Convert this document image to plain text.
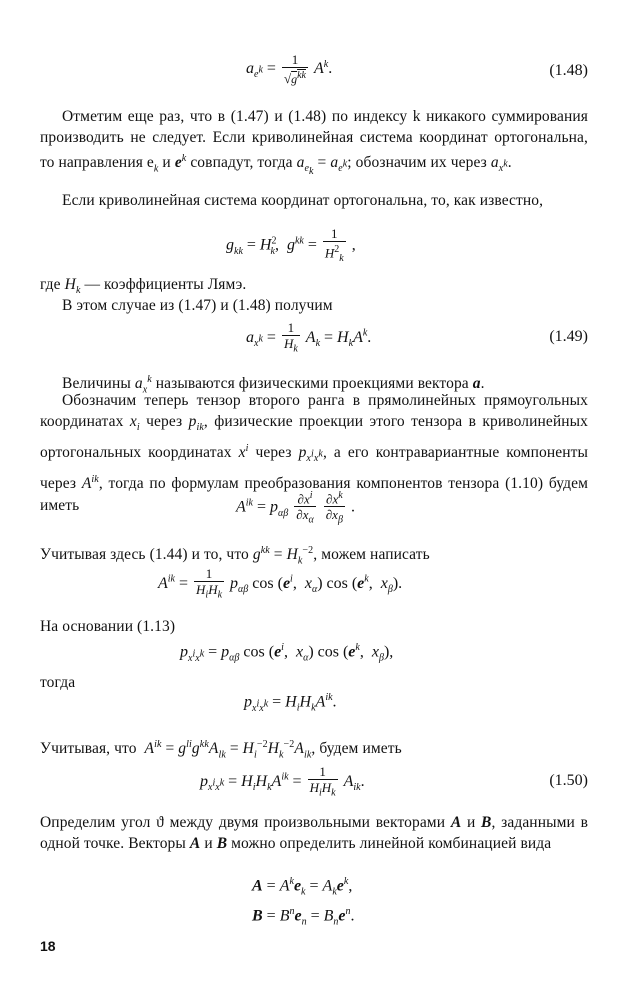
$a_{e^k} = \frac{1}{√g^{kk}} A^k$.	(1.48)
Отметим еще раз, что в (1.47) и (1.48) по индексу k никакого суммирования производить не следует. Если криволинейная система координат ортогональна, то направления $e_k$ и $e^k$ совпадут, тогда $a_{e_k} = a_{e^k}$; обозначим их через $a_{x^k}$.
Если криволинейная система координат ортогональна, то, как известно,
$g_{kk} = H^2_k$,  $g^{kk} = \frac{1}{H^2_k}$ ,
где $H_k$ — коэффициенты Лямэ.
В этом случае из (1.47) и (1.48) получим
$a_{x^k} = \frac{1}{H_k} A_k = H_kA^k$.	(1.49)
Величины $a_x^k$ называются физическими проекциями вектора a.
Обозначим теперь тензор второго ранга в прямолинейных прямоугольных координатах $x_i$ через $p_{ik}$, физические проекции этого тензора в криволинейных ортогональных координатах $x^i$ через $p_{x^ix^k}$, а его контравариантные компоненты через $A^{ik}$, тогда по формулам преобразования компонентов тензора (1.10) будем иметь	$A^{ik} = p_{\alpha\beta} \frac{\partial x^i}{\partial x_\alpha}$
$\frac{\partial x^k}{\partial x_\beta}$ .
Учитывая здесь (1.44) и то, что $g^{kk} = H_k^{-2}$, можем написать
$A^{ik} = \frac{1}{H_iH_k} p_{\alpha\beta}$ $\cos (e^i$,  $x_\alpha$) $\cos (e^k$,  $x_\beta$).
На основании (1.13)
$p_{x^ix^k} = p_{\alpha\beta}$ $\cos (e^i$,  $x_\alpha$) $\cos (e^k$,  $x_\beta$),
тогда
$p_{x^ix^k} = H_iH_kA^{ik}$.
Учитывая, что $A^{ik} = g^{li}g^{kk}A_{lk} = H_i^{-2}H_k^{-2}A_{ik}$, будем иметь
$p_{x^ix^k} = H_iH_kA^{ik} = \frac{1}{H_iH_k} A_{ik}$.	(1.50)
Определим угол ϑ между двумя произвольными векторами A и B, заданными в одной точке. Векторы A и B можно определить линейной комбинацией вида
$A = A^ke_k = A_ke^k$,
$B = B^ne_n = B_ne^n$.
18
